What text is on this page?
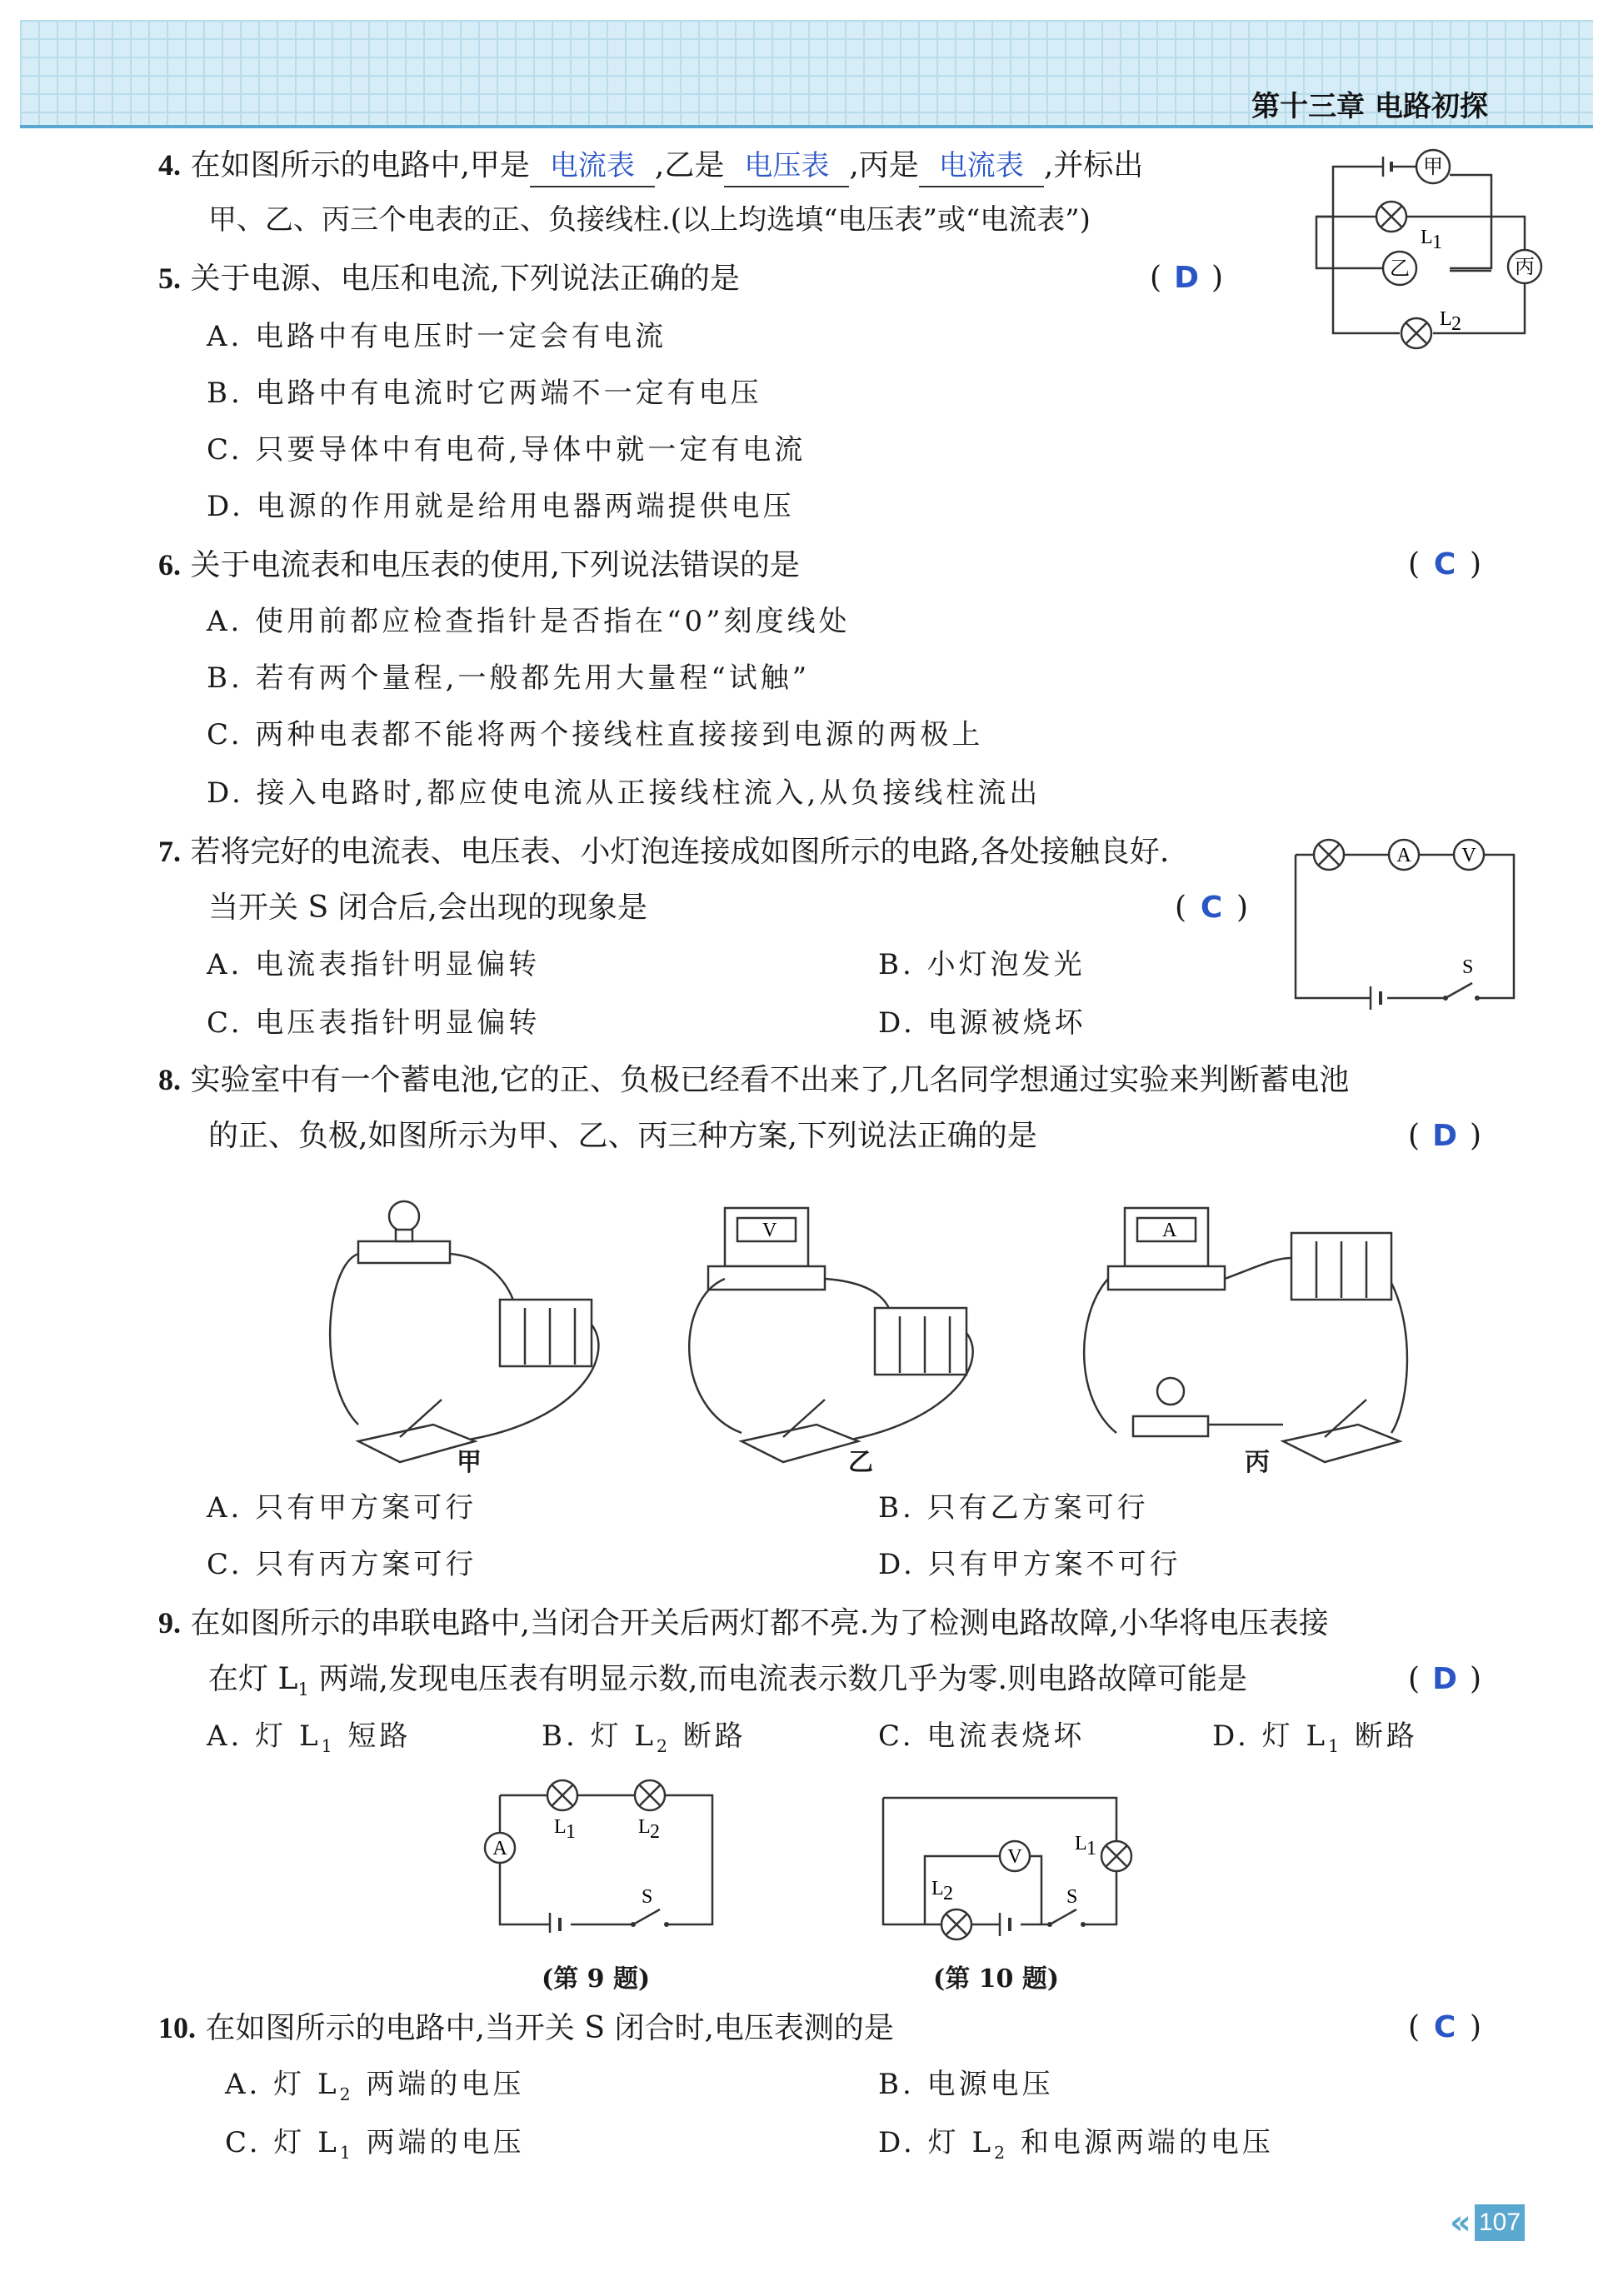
第十三章 电路初探
4. 在如图所示的电路中,甲是 电流表 ,乙是 电压表 ,丙是 电流表 ,并标出
甲、乙、丙三个电表的正、负接线柱.(以上均选填“电压表”或“电流表”)
甲
L 1
乙	丙
L 2
5. 关于电源、电压和电流,下列说法正确的是	( D )
A. 电路中有电压时一定会有电流
B. 电路中有电流时它两端不一定有电压
C. 只要导体中有电荷,导体中就一定有电流
D. 电源的作用就是给用电器两端提供电压
6. 关于电流表和电压表的使用,下列说法错误的是	( C )
A. 使用前都应检查指针是否指在“0”刻度线处
B. 若有两个量程,一般都先用大量程“试触”
C. 两种电表都不能将两个接线柱直接接到电源的两极上
D. 接入电路时,都应使电流从正接线柱流入,从负接线柱流出
7. 若将完好的电流表、电压表、小灯泡连接成如图所示的电路,各处接触良好.
当开关 S 闭合后,会出现的现象是	( C )
A. 电流表指针明显偏转	B. 小灯泡发光
C. 电压表指针明显偏转	D. 电源被烧坏
S
A	V
8. 实验室中有一个蓄电池,它的正、负极已经看不出来了,几名同学想通过实验来判断蓄电池
的正、负极,如图所示为甲、乙、丙三种方案,下列说法正确的是	( D )
V	A
甲	乙	丙
A. 只有甲方案可行	B. 只有乙方案可行
C. 只有丙方案可行	D. 只有甲方案不可行
9. 在如图所示的串联电路中,当闭合开关后两灯都不亮.为了检测电路故障,小华将电压表接
在灯 $L_1$ 两端,发现电压表有明显示数,而电流表示数几乎为零.则电路故障可能是	( D )
A. 灯 $L_1$ 短路	B. 灯 $L_2$ 断路	C. 电流表烧坏	D. 灯 $L_1$ 断路
S
A
L 1	L 2
(第 9 题)
S
V
L 1
L 2
(第 10 题)
10. 在如图所示的电路中,当开关 S 闭合时,电压表测的是	( C )
A. 灯 $L_2$ 两端的电压	B. 电源电压
C. 灯 $L_1$ 两端的电压	D. 灯 $L_2$ 和电源两端的电压
« 107
